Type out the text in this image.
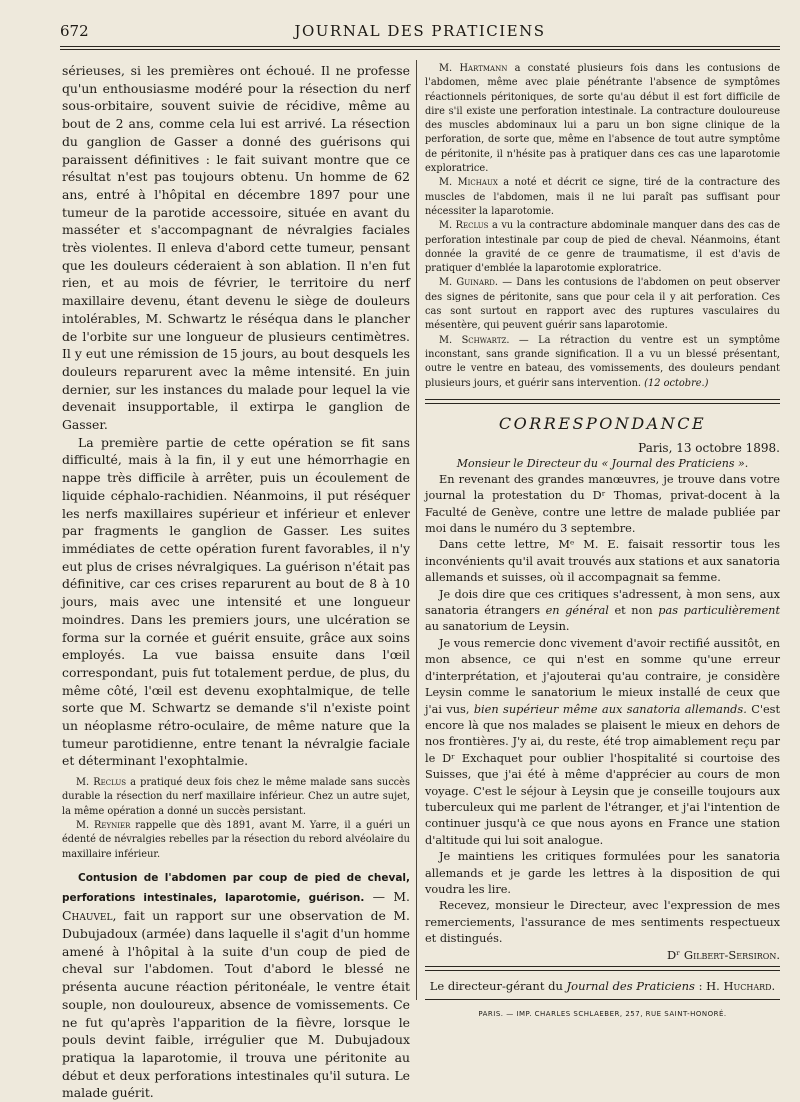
672	JOURNAL DES PRATICIENS

sérieuses, si les premières ont échoué. Il ne professe qu'un enthousiasme modéré pour la résection du nerf sous-orbitaire, souvent suivie de récidive, même au bout de 2 ans, comme cela lui est arrivé. La résection du ganglion de Gasser a donné des guérisons qui paraissent définitives : le fait suivant montre que ce résultat n'est pas toujours obtenu. Un homme de 62 ans, entré à l'hôpital en décembre 1897 pour une tumeur de la parotide accessoire, située en avant du masséter et s'accompagnant de névralgies faciales très violentes. Il enleva d'abord cette tumeur, pensant que les douleurs céderaient à son ablation. Il n'en fut rien, et au mois de février, le territoire du nerf maxillaire devenu, étant devenu le siège de douleurs intolérables, M. Schwartz le réséqua dans le plancher de l'orbite sur une longueur de plusieurs centimètres. Il y eut une rémission de 15 jours, au bout desquels les douleurs reparurent avec la même intensité. En juin dernier, sur les instances du malade pour lequel la vie devenait insupportable, il extirpa le ganglion de Gasser.

La première partie de cette opération se fit sans difficulté, mais à la fin, il y eut une hémorrhagie en nappe très difficile à arrêter, puis un écoulement de liquide céphalo-rachidien. Néanmoins, il put réséquer les nerfs maxillaires supérieur et inférieur et enlever par fragments le ganglion de Gasser. Les suites immédiates de cette opération furent favorables, il n'y eut plus de crises névralgiques. La guérison n'était pas définitive, car ces crises reparurent au bout de 8 à 10 jours, mais avec une intensité et une longueur moindres. Dans les premiers jours, une ulcération se forma sur la cornée et guérit ensuite, grâce aux soins employés. La vue baissa ensuite dans l'œil correspondant, puis fut totalement perdue, de plus, du même côté, l'œil est devenu exophtalmique, de telle sorte que M. Schwartz se demande s'il n'existe point un néoplasme rétro-oculaire, de même nature que la tumeur parotidienne, entre tenant la névralgie faciale et déterminant l'exophtalmie.

M. Reclus a pratiqué deux fois chez le même malade sans succès durable la résection du nerf maxillaire inférieur. Chez un autre sujet, la même opération a donné un succès persistant.

M. Reynier rappelle que dès 1891, avant M. Yarre, il a guéri un édenté de névralgies rebelles par la résection du rebord alvéolaire du maxillaire inférieur.

Contusion de l'abdomen par coup de pied de cheval, perforations intestinales, laparotomie, guérison. — M. Chauvel, fait un rapport sur une observation de M. Dubujadoux (armée) dans laquelle il s'agit d'un homme amené à l'hôpital à la suite d'un coup de pied de cheval sur l'abdomen. Tout d'abord le blessé ne présenta aucune réaction péritonéale, le ventre était souple, non douloureux, absence de vomissements. Ce ne fut qu'après l'apparition de la fièvre, lorsque le pouls devint faible, irrégulier que M. Dubujadoux pratiqua la laparotomie, il trouva une péritonite au début et deux perforations intestinales qu'il sutura. Le malade guérit.

M. Hartmann a constaté plusieurs fois dans les contusions de l'abdomen, même avec plaie pénétrante l'absence de symptômes réactionnels péritoniques, de sorte qu'au début il est fort difficile de dire s'il existe une perforation intestinale. La contracture douloureuse des muscles abdominaux lui a paru un bon signe clinique de la perforation, de sorte que, même en l'absence de tout autre symptôme de péritonite, il n'hésite pas à pratiquer dans ces cas une laparotomie exploratrice.

M. Michaux a noté et décrit ce signe, tiré de la contracture des muscles de l'abdomen, mais il ne lui paraît pas suffisant pour nécessiter la laparotomie.

M. Reclus a vu la contracture abdominale manquer dans des cas de perforation intestinale par coup de pied de cheval. Néanmoins, étant donnée la gravité de ce genre de traumatisme, il est d'avis de pratiquer d'emblée la laparotomie exploratrice.

M. Guinard. — Dans les contusions de l'abdomen on peut observer des signes de péritonite, sans que pour cela il y ait perforation. Ces cas sont surtout en rapport avec des ruptures vasculaires du mésentère, qui peuvent guérir sans laparotomie.

M. Schwartz. — La rétraction du ventre est un symptôme inconstant, sans grande signification. Il a vu un blessé présentant, outre le ventre en bateau, des vomissements, des douleurs pendant plusieurs jours, et guérir sans intervention. (12 octobre.)

CORRESPONDANCE
Paris, 13 octobre 1898.
Monsieur le Directeur du « Journal des Praticiens ».

En revenant des grandes manœuvres, je trouve dans votre journal la protestation du Dʳ Thomas, privat-docent à la Faculté de Genève, contre une lettre de malade publiée par moi dans le numéro du 3 septembre.

Dans cette lettre, Mᵉ M. E. faisait ressortir tous les inconvénients qu'il avait trouvés aux stations et aux sanatoria allemands et suisses, où il accompagnait sa femme.

Je dois dire que ces critiques s'adressent, à mon sens, aux sanatoria étrangers en général et non pas particulièrement au sanatorium de Leysin.

Je vous remercie donc vivement d'avoir rectifié aussitôt, en mon absence, ce qui n'est en somme qu'une erreur d'interprétation, et j'ajouterai qu'au contraire, je considère Leysin comme le sanatorium le mieux installé de ceux que j'ai vus, bien supérieur même aux sanatoria allemands. C'est encore là que nos malades se plaisent le mieux en dehors de nos frontières. J'y ai, du reste, été trop aimablement reçu par le Dʳ Exchaquet pour oublier l'hospitalité si courtoise des Suisses, que j'ai été à même d'apprécier au cours de mon voyage. C'est le séjour à Leysin que je conseille toujours aux tuberculeux qui me parlent de l'étranger, et j'ai l'intention de continuer jusqu'à ce que nous ayons en France une station d'altitude qui lui soit analogue.

Je maintiens les critiques formulées pour les sanatoria allemands et je garde les lettres à la disposition de qui voudra les lire.

Recevez, monsieur le Directeur, avec l'expression de mes remerciements, l'assurance de mes sentiments respectueux et distingués.

Dʳ Gilbert-Sersiron.
Le directeur-gérant du Journal des Praticiens : H. Huchard.
PARIS. — IMP. CHARLES SCHLAEBER, 257, RUE SAINT-HONORÉ.
